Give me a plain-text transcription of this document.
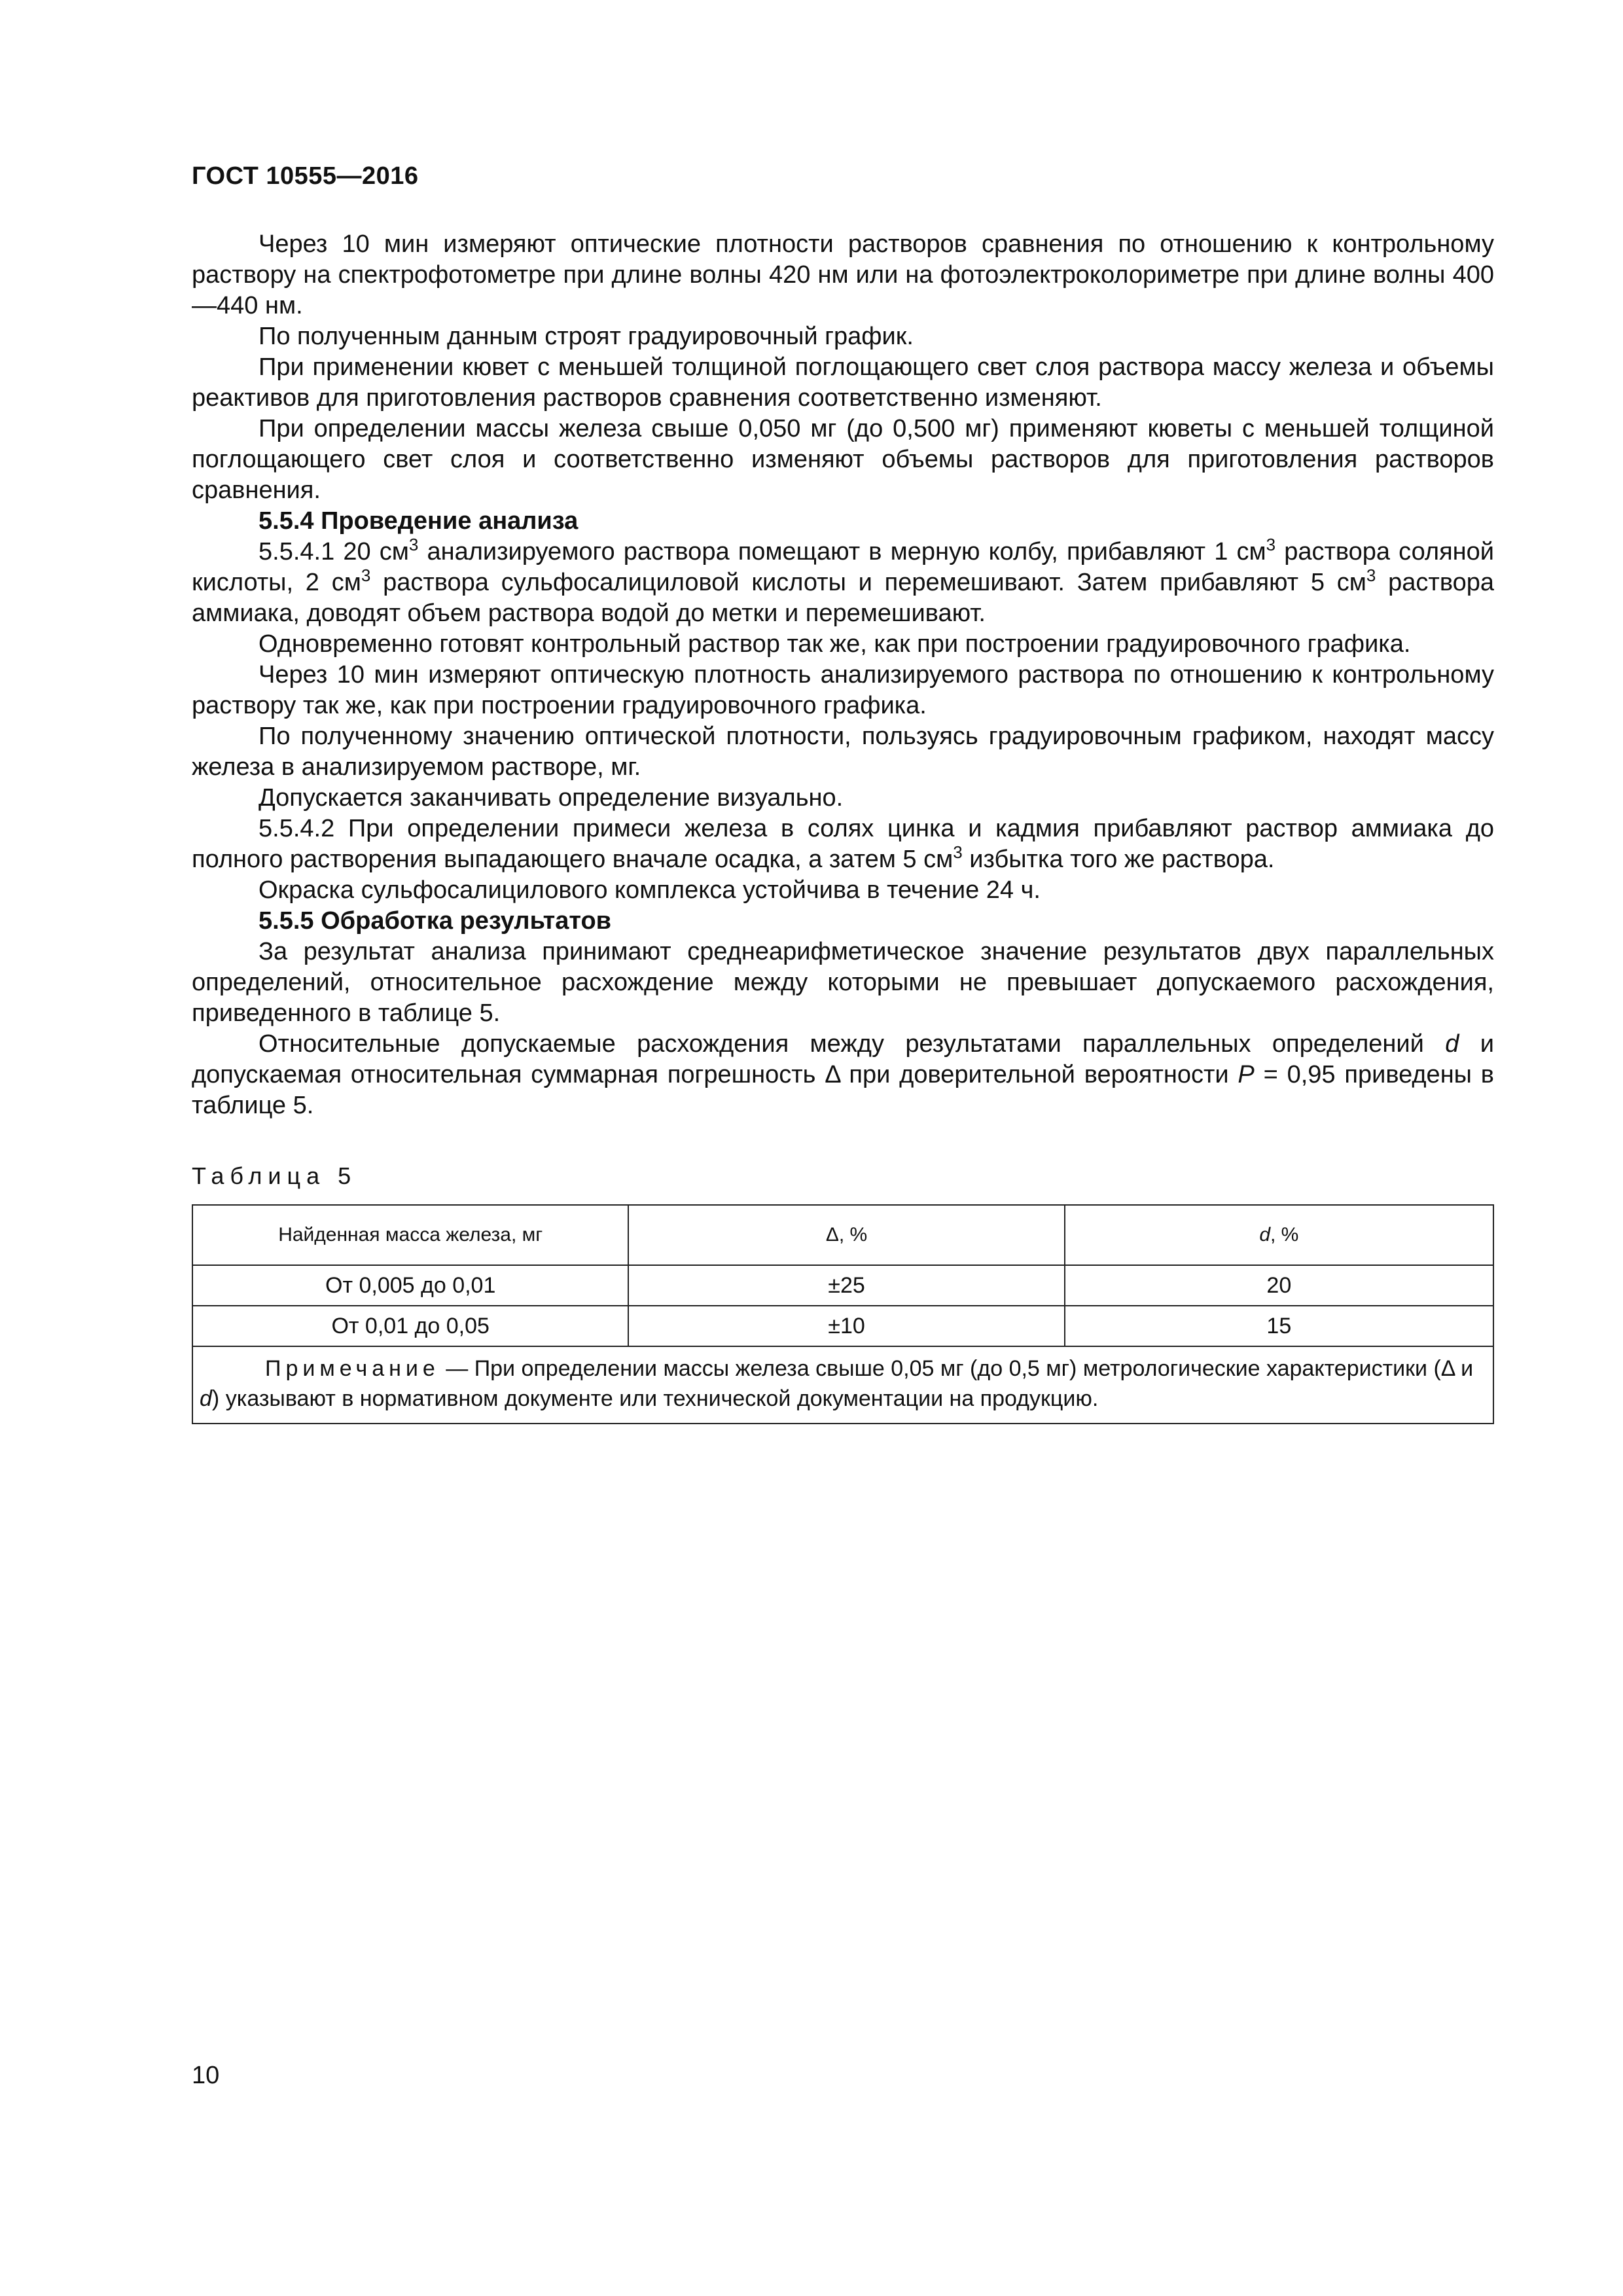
ГОСТ 10555—2016

Через 10 мин измеряют оптические плотности растворов сравнения по отношению к контрольному раствору на спектрофотометре при длине волны 420 нм или на фотоэлектроколориметре при длине волны 400—440 нм.

По полученным данным строят градуировочный график.

При применении кювет с меньшей толщиной поглощающего свет слоя раствора массу железа и объемы реактивов для приготовления растворов сравнения соответственно изменяют.

При определении массы железа свыше 0,050 мг (до 0,500 мг) применяют кюветы с меньшей толщиной поглощающего свет слоя и соответственно изменяют объемы растворов для приготовления растворов сравнения.

5.5.4 Проведение анализа

5.5.4.1 20 $см^3$ анализируемого раствора помещают в мерную колбу, прибавляют 1 $см^3$ раствора соляной кислоты, 2 $см^3$ раствора сульфосалициловой кислоты и перемешивают. Затем прибавляют 5 $см^3$ раствора аммиака, доводят объем раствора водой до метки и перемешивают.

Одновременно готовят контрольный раствор так же, как при построении градуировочного графика.

Через 10 мин измеряют оптическую плотность анализируемого раствора по отношению к контрольному раствору так же, как при построении градуировочного графика.

По полученному значению оптической плотности, пользуясь градуировочным графиком, находят массу железа в анализируемом растворе, мг.

Допускается заканчивать определение визуально.

5.5.4.2 При определении примеси железа в солях цинка и кадмия прибавляют раствор аммиака до полного растворения выпадающего вначале осадка, а затем 5 $см^3$ избытка того же раствора.

Окраска сульфосалицилового комплекса устойчива в течение 24 ч.

5.5.5 Обработка результатов

За результат анализа принимают среднеарифметическое значение результатов двух параллельных определений, относительное расхождение между которыми не превышает допускаемого расхождения, приведенного в таблице 5.

Относительные допускаемые расхождения между результатами параллельных определений d и допускаемая относительная суммарная погрешность Δ при доверительной вероятности P = 0,95 приведены в таблице 5.

Таблица 5
Найденная масса железа, мг	Δ, %	d, %
От 0,005 до 0,01	±25	20
От 0,01 до 0,05	±10	15

Примечание — При определении массы железа свыше 0,05 мг (до 0,5 мг) метрологические характеристики (Δ и d) указывают в нормативном документе или технической документации на продукцию.		
10
